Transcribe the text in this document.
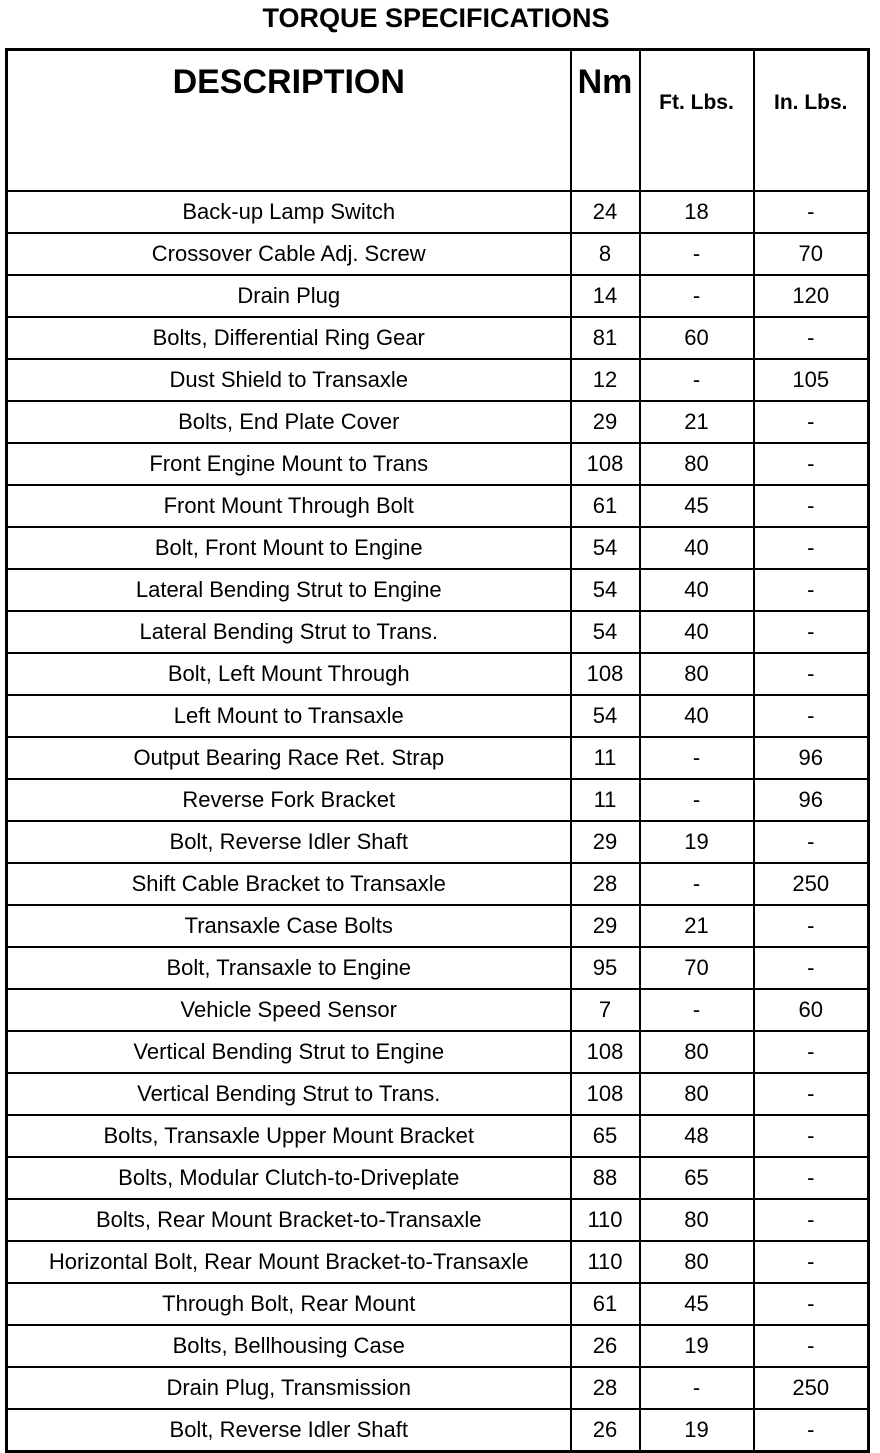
TORQUE SPECIFICATIONS
DESCRIPTION	Nm	Ft. Lbs.	In. Lbs.
Back-up Lamp Switch	24	18	-
Crossover Cable Adj. Screw	8	-	70
Drain Plug	14	-	120
Bolts, Differential Ring Gear	81	60	-
Dust Shield to Transaxle	12	-	105
Bolts, End Plate Cover	29	21	-
Front Engine Mount to Trans	108	80	-
Front Mount Through Bolt	61	45	-
Bolt, Front Mount to Engine	54	40	-
Lateral Bending Strut to Engine	54	40	-
Lateral Bending Strut to Trans.	54	40	-
Bolt, Left Mount Through	108	80	-
Left Mount to Transaxle	54	40	-
Output Bearing Race Ret. Strap	11	-	96
Reverse Fork Bracket	11	-	96
Bolt, Reverse Idler Shaft	29	19	-
Shift Cable Bracket to Transaxle	28	-	250
Transaxle Case Bolts	29	21	-
Bolt, Transaxle to Engine	95	70	-
Vehicle Speed Sensor	7	-	60
Vertical Bending Strut to Engine	108	80	-
Vertical Bending Strut to Trans.	108	80	-
Bolts, Transaxle Upper Mount Bracket	65	48	-
Bolts, Modular Clutch-to-Driveplate	88	65	-
Bolts, Rear Mount Bracket-to-Transaxle	110	80	-
Horizontal Bolt, Rear Mount Bracket-to-Transaxle	110	80	-
Through Bolt, Rear Mount	61	45	-
Bolts, Bellhousing Case	26	19	-
Drain Plug, Transmission	28	-	250
Bolt, Reverse Idler Shaft	26	19	-
